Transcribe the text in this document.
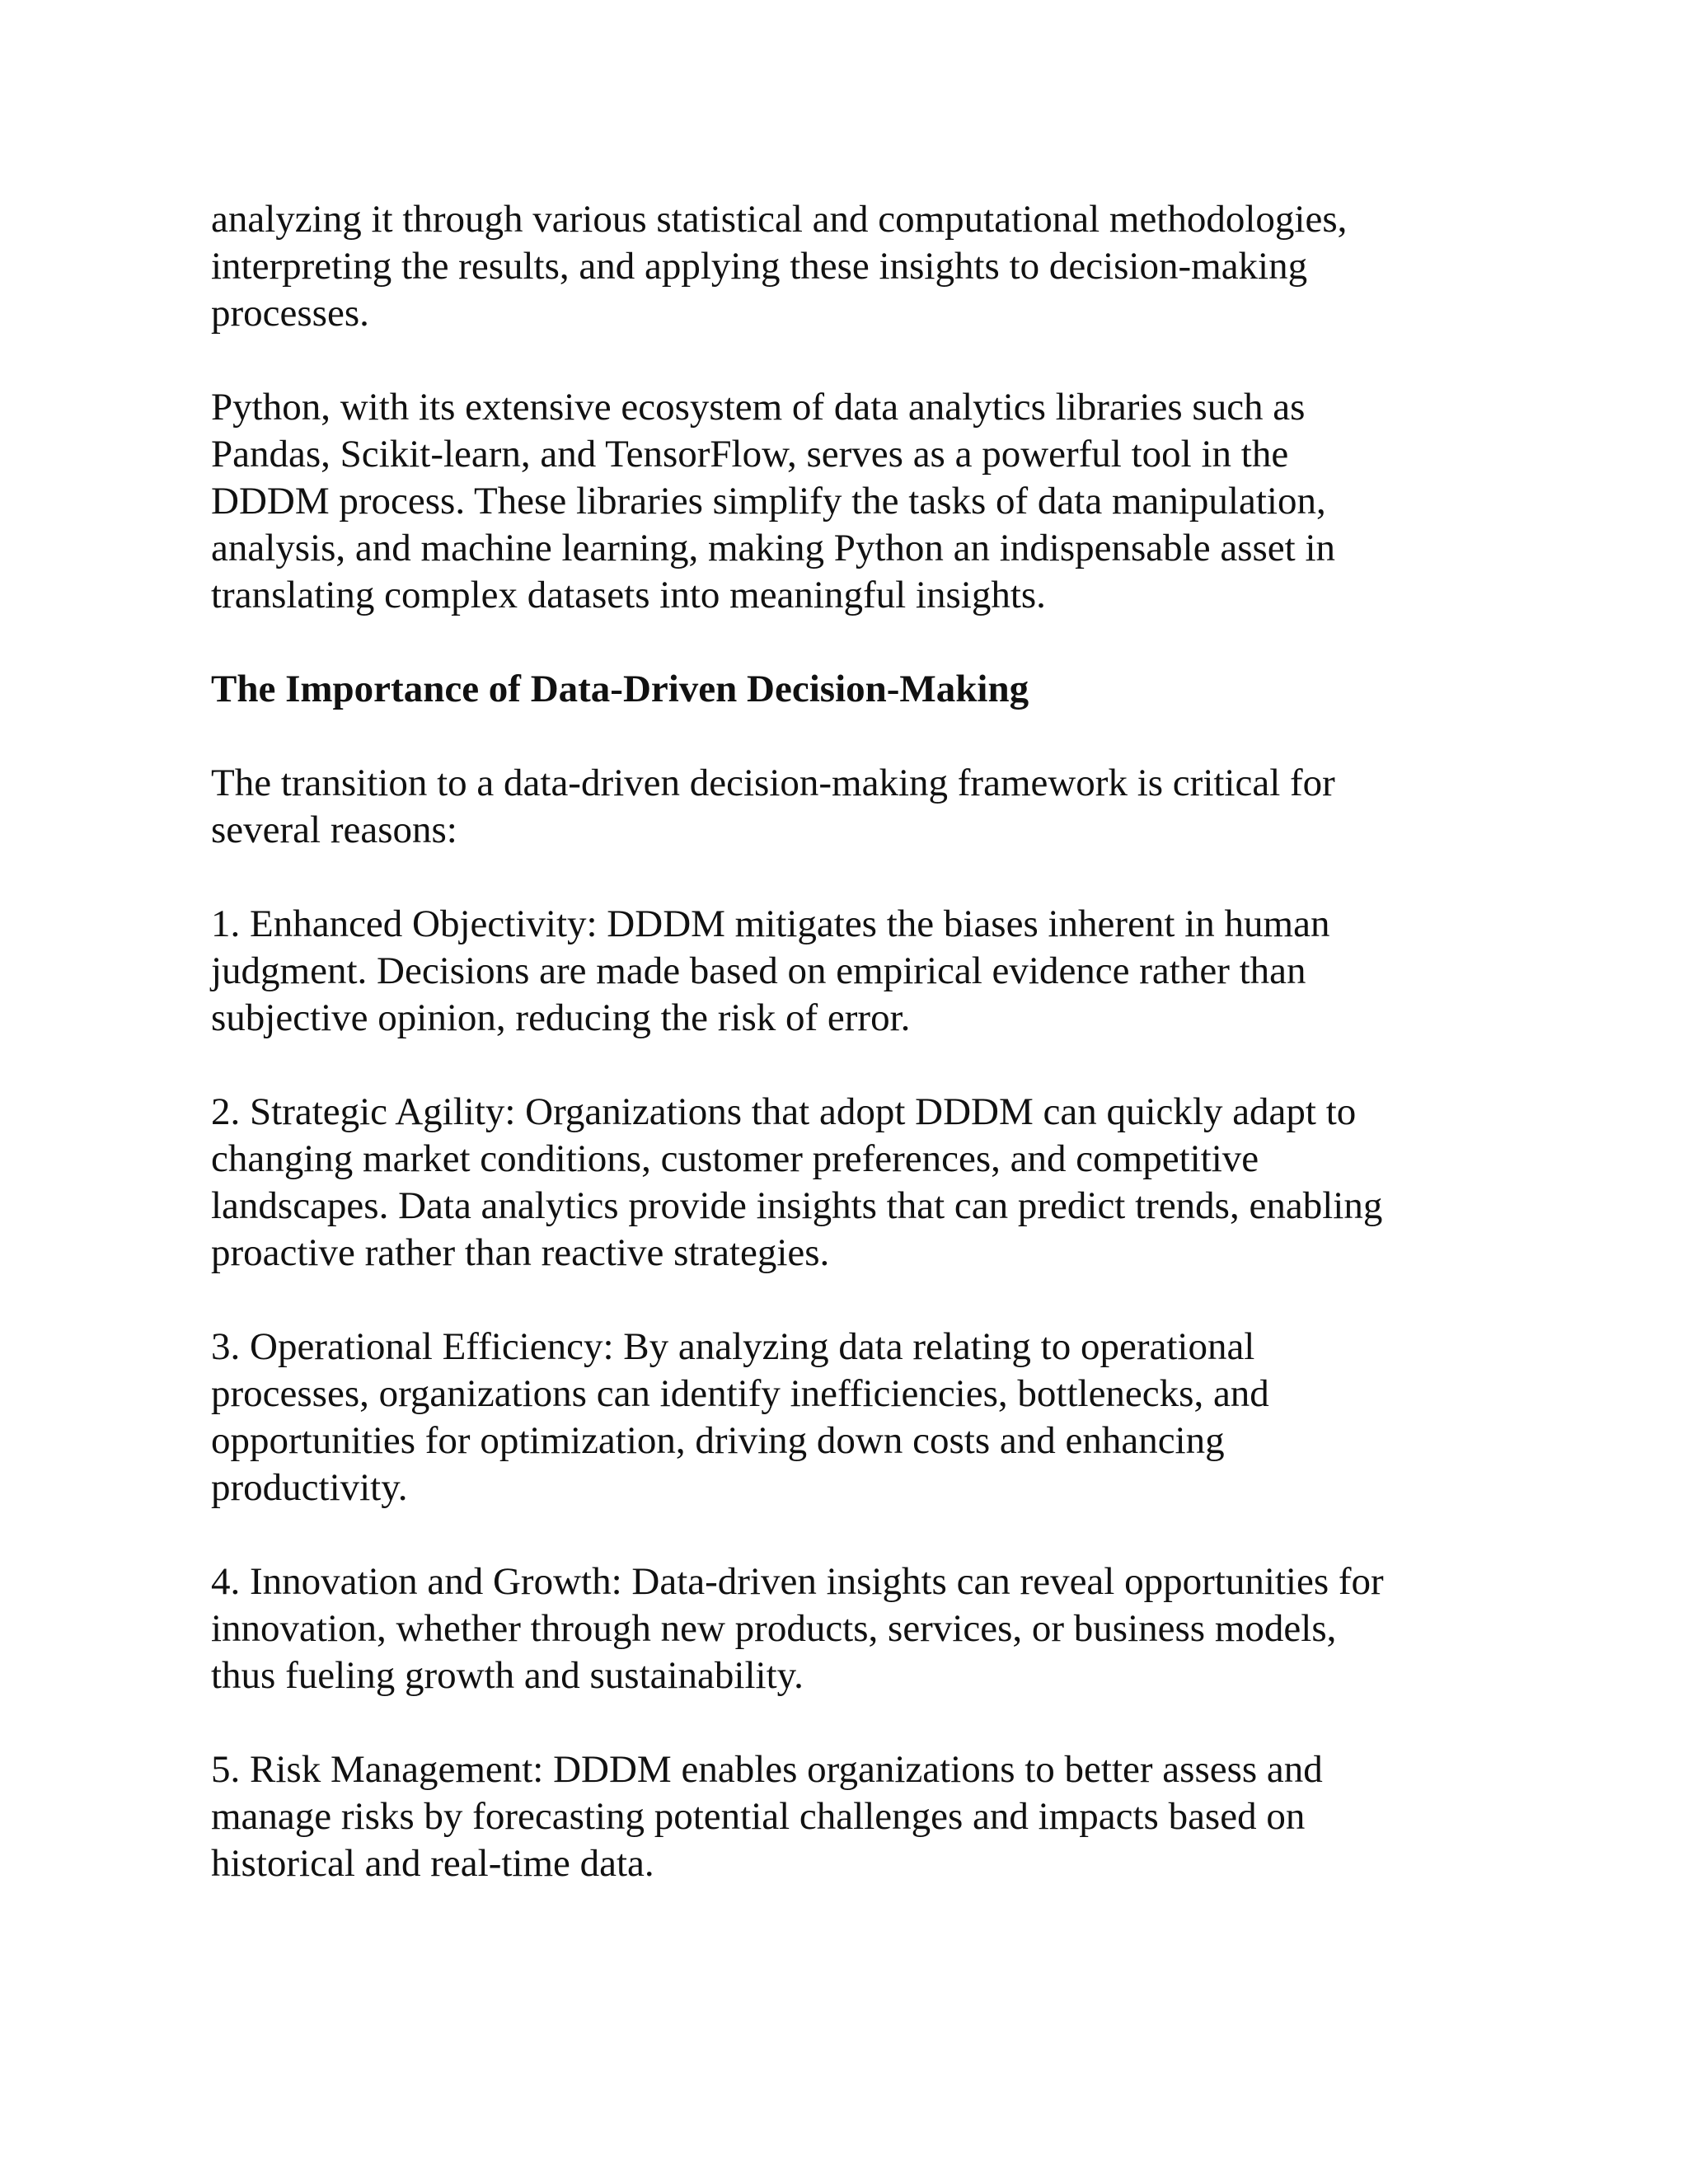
analyzing it through various statistical and computational methodologies,
interpreting the results, and applying these insights to decision-making
processes.

Python, with its extensive ecosystem of data analytics libraries such as
Pandas, Scikit-learn, and TensorFlow, serves as a powerful tool in the
DDDM process. These libraries simplify the tasks of data manipulation,
analysis, and machine learning, making Python an indispensable asset in
translating complex datasets into meaningful insights.

The Importance of Data-Driven Decision-Making

The transition to a data-driven decision-making framework is critical for
several reasons:

1. Enhanced Objectivity: DDDM mitigates the biases inherent in human
judgment. Decisions are made based on empirical evidence rather than
subjective opinion, reducing the risk of error.

2. Strategic Agility: Organizations that adopt DDDM can quickly adapt to
changing market conditions, customer preferences, and competitive
landscapes. Data analytics provide insights that can predict trends, enabling
proactive rather than reactive strategies.

3. Operational Efficiency: By analyzing data relating to operational
processes, organizations can identify inefficiencies, bottlenecks, and
opportunities for optimization, driving down costs and enhancing
productivity.

4. Innovation and Growth: Data-driven insights can reveal opportunities for
innovation, whether through new products, services, or business models,
thus fueling growth and sustainability.

5. Risk Management: DDDM enables organizations to better assess and
manage risks by forecasting potential challenges and impacts based on
historical and real-time data.
